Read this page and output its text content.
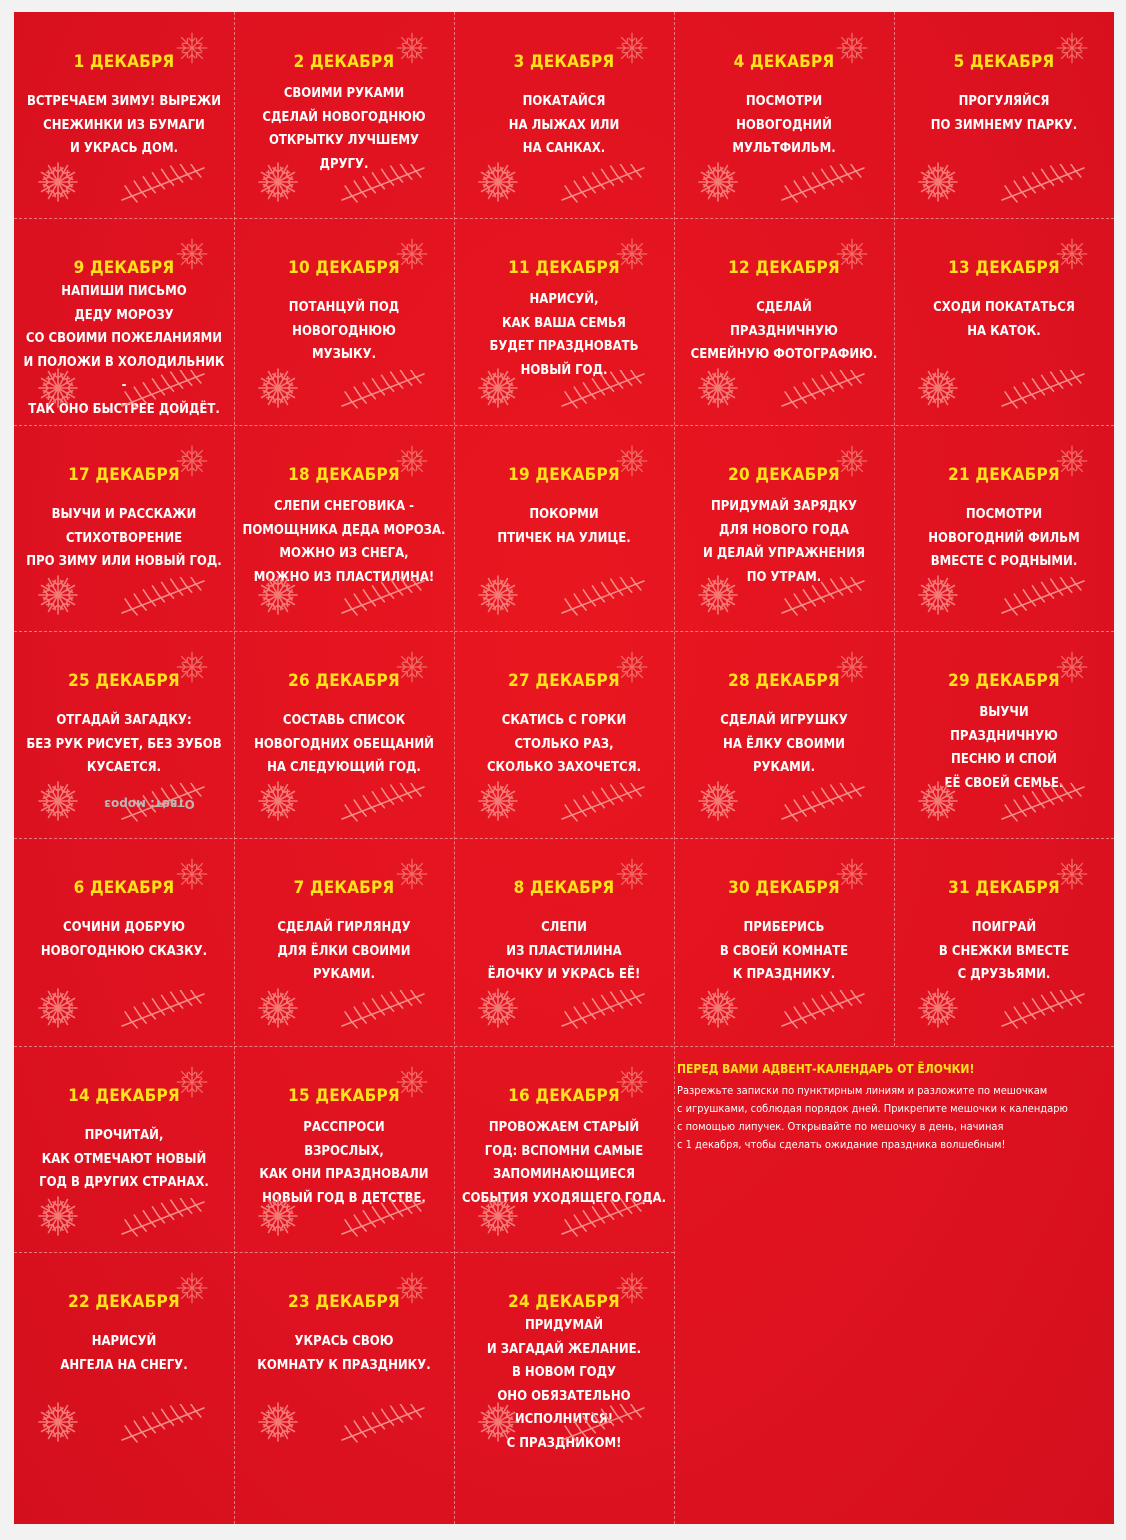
1 ДЕКАБРЯ
ВСТРЕЧАЕМ ЗИМУ! ВЫРЕЖИ
СНЕЖИНКИ ИЗ БУМАГИ
И УКРАСЬ ДОМ.
2 ДЕКАБРЯ
СВОИМИ РУКАМИ
СДЕЛАЙ НОВОГОДНЮЮ
ОТКРЫТКУ ЛУЧШЕМУ
ДРУГУ.
3 ДЕКАБРЯ
ПОКАТАЙСЯ
НА ЛЫЖАХ ИЛИ
НА САНКАХ.
4 ДЕКАБРЯ
ПОСМОТРИ
НОВОГОДНИЙ
МУЛЬТФИЛЬМ.
5 ДЕКАБРЯ
ПРОГУЛЯЙСЯ
ПО ЗИМНЕМУ ПАРКУ.
9 ДЕКАБРЯ
НАПИШИ ПИСЬМО
ДЕДУ МОРОЗУ
СО СВОИМИ ПОЖЕЛАНИЯМИ
И ПОЛОЖИ В ХОЛОДИЛЬНИК -
ТАК ОНО БЫСТРЕЕ ДОЙДЁТ.
10 ДЕКАБРЯ
ПОТАНЦУЙ ПОД
НОВОГОДНЮЮ
МУЗЫКУ.
11 ДЕКАБРЯ
НАРИСУЙ,
КАК ВАША СЕМЬЯ
БУДЕТ ПРАЗДНОВАТЬ
НОВЫЙ ГОД.
12 ДЕКАБРЯ
СДЕЛАЙ
ПРАЗДНИЧНУЮ
СЕМЕЙНУЮ ФОТОГРАФИЮ.
13 ДЕКАБРЯ
СХОДИ ПОКАТАТЬСЯ
НА КАТОК.
17 ДЕКАБРЯ
ВЫУЧИ И РАССКАЖИ
СТИХОТВОРЕНИЕ
ПРО ЗИМУ ИЛИ НОВЫЙ ГОД.
18 ДЕКАБРЯ
СЛЕПИ СНЕГОВИКА -
ПОМОЩНИКА ДЕДА МОРОЗА.
МОЖНО ИЗ СНЕГА,
МОЖНО ИЗ ПЛАСТИЛИНА!
19 ДЕКАБРЯ
ПОКОРМИ
ПТИЧЕК НА УЛИЦЕ.
20 ДЕКАБРЯ
ПРИДУМАЙ ЗАРЯДКУ
ДЛЯ НОВОГО ГОДА
И ДЕЛАЙ УПРАЖНЕНИЯ
ПО УТРАМ.
21 ДЕКАБРЯ
ПОСМОТРИ
НОВОГОДНИЙ ФИЛЬМ
ВМЕСТЕ С РОДНЫМИ.
25 ДЕКАБРЯ
ОТГАДАЙ ЗАГАДКУ:
БЕЗ РУК РИСУЕТ, БЕЗ ЗУБОВ
КУСАЕТСЯ.
Ответ: мороз
26 ДЕКАБРЯ
СОСТАВЬ СПИСОК
НОВОГОДНИХ ОБЕЩАНИЙ
НА СЛЕДУЮЩИЙ ГОД.
27 ДЕКАБРЯ
СКАТИСЬ С ГОРКИ
СТОЛЬКО РАЗ,
СКОЛЬКО ЗАХОЧЕТСЯ.
28 ДЕКАБРЯ
СДЕЛАЙ ИГРУШКУ
НА ЁЛКУ СВОИМИ
РУКАМИ.
29 ДЕКАБРЯ
ВЫУЧИ
ПРАЗДНИЧНУЮ
ПЕСНЮ И СПОЙ
ЕЁ СВОЕЙ СЕМЬЕ.
6 ДЕКАБРЯ
СОЧИНИ ДОБРУЮ
НОВОГОДНЮЮ СКАЗКУ.
7 ДЕКАБРЯ
СДЕЛАЙ ГИРЛЯНДУ
ДЛЯ ЁЛКИ СВОИМИ
РУКАМИ.
8 ДЕКАБРЯ
СЛЕПИ
ИЗ ПЛАСТИЛИНА
ЁЛОЧКУ И УКРАСЬ ЕЁ!
30 ДЕКАБРЯ
ПРИБЕРИСЬ
В СВОЕЙ КОМНАТЕ
К ПРАЗДНИКУ.
31 ДЕКАБРЯ
ПОИГРАЙ
В СНЕЖКИ ВМЕСТЕ
С ДРУЗЬЯМИ.
14 ДЕКАБРЯ
ПРОЧИТАЙ,
КАК ОТМЕЧАЮТ НОВЫЙ
ГОД В ДРУГИХ СТРАНАХ.
15 ДЕКАБРЯ
РАССПРОСИ
ВЗРОСЛЫХ,
КАК ОНИ ПРАЗДНОВАЛИ
НОВЫЙ ГОД В ДЕТСТВЕ.
16 ДЕКАБРЯ
ПРОВОЖАЕМ СТАРЫЙ
ГОД: ВСПОМНИ САМЫЕ
ЗАПОМИНАЮЩИЕСЯ
СОБЫТИЯ УХОДЯЩЕГО ГОДА.
22 ДЕКАБРЯ
НАРИСУЙ
АНГЕЛА НА СНЕГУ.
23 ДЕКАБРЯ
УКРАСЬ СВОЮ
КОМНАТУ К ПРАЗДНИКУ.
24 ДЕКАБРЯ
ПРИДУМАЙ
И ЗАГАДАЙ ЖЕЛАНИЕ.
В НОВОМ ГОДУ
ОНО ОБЯЗАТЕЛЬНО
ИСПОЛНИТСЯ!
С ПРАЗДНИКОМ!
ПЕРЕД ВАМИ АДВЕНТ-КАЛЕНДАРЬ ОТ ЁЛОЧКИ!
Разрежьте записки по пунктирным линиям и разложите по мешочкам
с игрушками, соблюдая порядок дней. Прикрепите мешочки к календарю
с помощью липучек. Открывайте по мешочку в день, начиная
с 1 декабря, чтобы сделать ожидание праздника волшебным!
